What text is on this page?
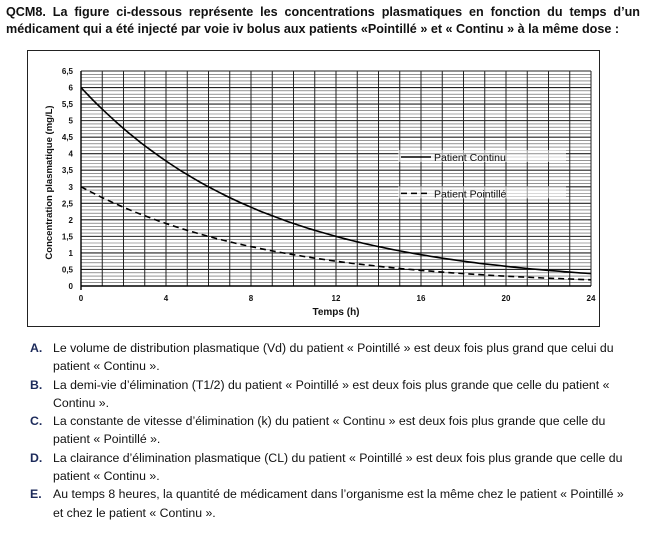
QCM8. La figure ci-dessous représente les concentrations plasmatiques en fonction du temps d’un médicament qui a été injecté par voie iv bolus aux patients «Pointillé » et « Continu » à la même dose :
0
0,5
1
1,5
2
2,5
3
3,5
4
4,5
5
5,5
6
6,5
0	4	8	12	16	20	24
Temps (h)
Concentration plasmatique (mg/L)	Patient Continu
Patient Pointillé
A. Le volume de distribution plasmatique (Vd) du patient « Pointillé » est deux fois plus grand que celui du patient « Continu ».
B. La demi-vie d’élimination (T1/2) du patient « Pointillé » est deux fois plus grande que celle du patient « Continu ».
C. La constante de vitesse d’élimination (k) du patient « Continu » est deux fois plus grande que celle du patient « Pointillé ».
D. La clairance d’élimination plasmatique (CL) du patient « Pointillé » est deux fois plus grande que celle du patient « Continu ».
E. Au temps 8 heures, la quantité de médicament dans l’organisme est la même chez le patient « Pointillé » et chez le patient « Continu ».
